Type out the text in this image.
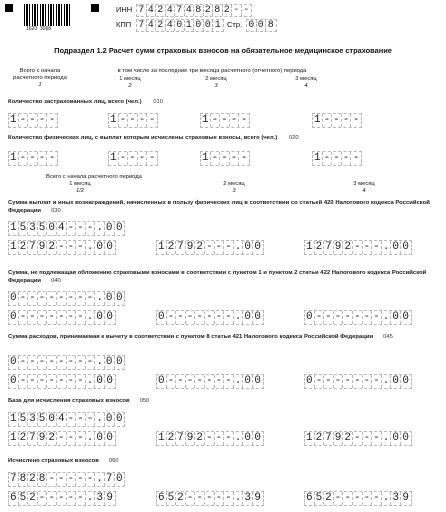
1620  3068
ИНН 7 4 2 4 7 4 8 2 8 2 - -
КПП 7 4 2 4 0 1 0 0 1 Стр. 0 0 8
Подраздел 1.2 Расчет сумм страховых взносов на обязательное медицинское страхование
Всего с начала
расчетного периода
1
в том числе за последние три месяца расчетного (отчетного) периода
1 месяц
2
2 месяц
3
3 месяц
4
Количество застрахованных лиц, всего (чел.) 010
1 - - - -	1 - - - -	1 - - - -	1 - - - -
Количество физических лиц, с выплат которым исчислены страховые взносы, всего (чел.) 020
1 - - - -	1 - - - -	1 - - - -	1 - - - -
Всего с начала расчетного периода
1 месяц
1/2
2 месяц
3
3 месяц
4
Сумма выплат и иных вознаграждений, начисленных в пользу физических лиц в соответствии со статьей 420 Налогового кодекса Российской Федерации 030
1 5 3 5 0 4 - - - . 0 0
1 2 7 9 2 - - - . 0 0	1 2 7 9 2 - - - . 0 0	1 2 7 9 2 - - - . 0 0
Сумма, не подлежащая обложению страховыми взносами в соответствии с пунктом 1 и пунктом 2 статьи 422 Налогового кодекса Российской Федерации 040
0 - - - - - - - - . 0 0
0 - - - - - - - . 0 0	0 - - - - - - - . 0 0	0 - - - - - - - . 0 0
Сумма расходов, принимаемая к вычету в соответствии с пунктом 8 статьи 421 Налогового кодекса Российской Федерации 045
0 - - - - - - - - . 0 0
0 - - - - - - - . 0 0	0 - - - - - - - . 0 0	0 - - - - - - - . 0 0
База для исчисления страховых взносов 050
1 5 3 5 0 4 - - - . 0 0
1 2 7 9 2 - - - . 0 0	1 2 7 9 2 - - - . 0 0	1 2 7 9 2 - - - . 0 0
Исчислено страховых взносов 060
7 8 2 8 - - - - - . 7 0
6 5 2 - - - - - . 3 9	6 5 2 - - - - - . 3 9	6 5 2 - - - - - . 3 9
